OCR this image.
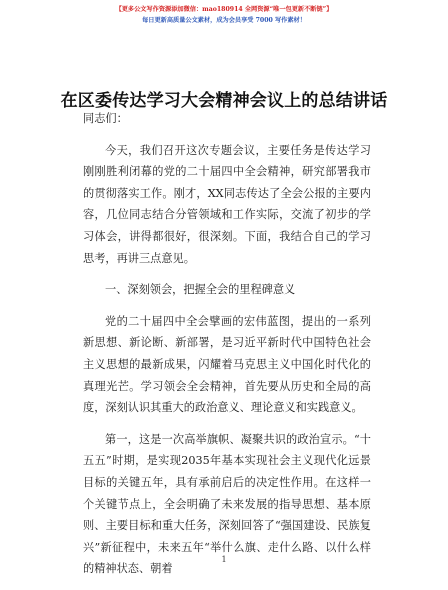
【更多公文写作资源添加微信：mao180914 全网资源“唯一包更新不断链”】
每日更新高质量公文素材，成为会员享受 7000 写作素材！
在区委传达学习大会精神会议上的总结讲话

同志们：

今天，我们召开这次专题会议，主要任务是传达学习刚刚胜利闭幕的党的二十届四中全会精神，研究部署我市的贯彻落实工作。刚才，XX同志传达了全会公报的主要内容，几位同志结合分管领域和工作实际，交流了初步的学习体会，讲得都很好，很深刻。下面，我结合自己的学习思考，再讲三点意见。

一、深刻领会，把握全会的里程碑意义

党的二十届四中全会擘画的宏伟蓝图，提出的一系列新思想、新论断、新部署，是习近平新时代中国特色社会主义思想的最新成果，闪耀着马克思主义中国化时代化的真理光芒。学习领会全会精神，首先要从历史和全局的高度，深刻认识其重大的政治意义、理论意义和实践意义。

第一，这是一次高举旗帜、凝聚共识的政治宣示。“十五五”时期，是实现2035年基本实现社会主义现代化远景目标的关键五年，具有承前启后的决定性作用。在这样一个关键节点上，全会明确了未来发展的指导思想、基本原则、主要目标和重大任务，深刻回答了“强国建设、民族复兴”新征程中，未来五年“举什么旗、走什么路、以什么样的精神状态、朝着

1
